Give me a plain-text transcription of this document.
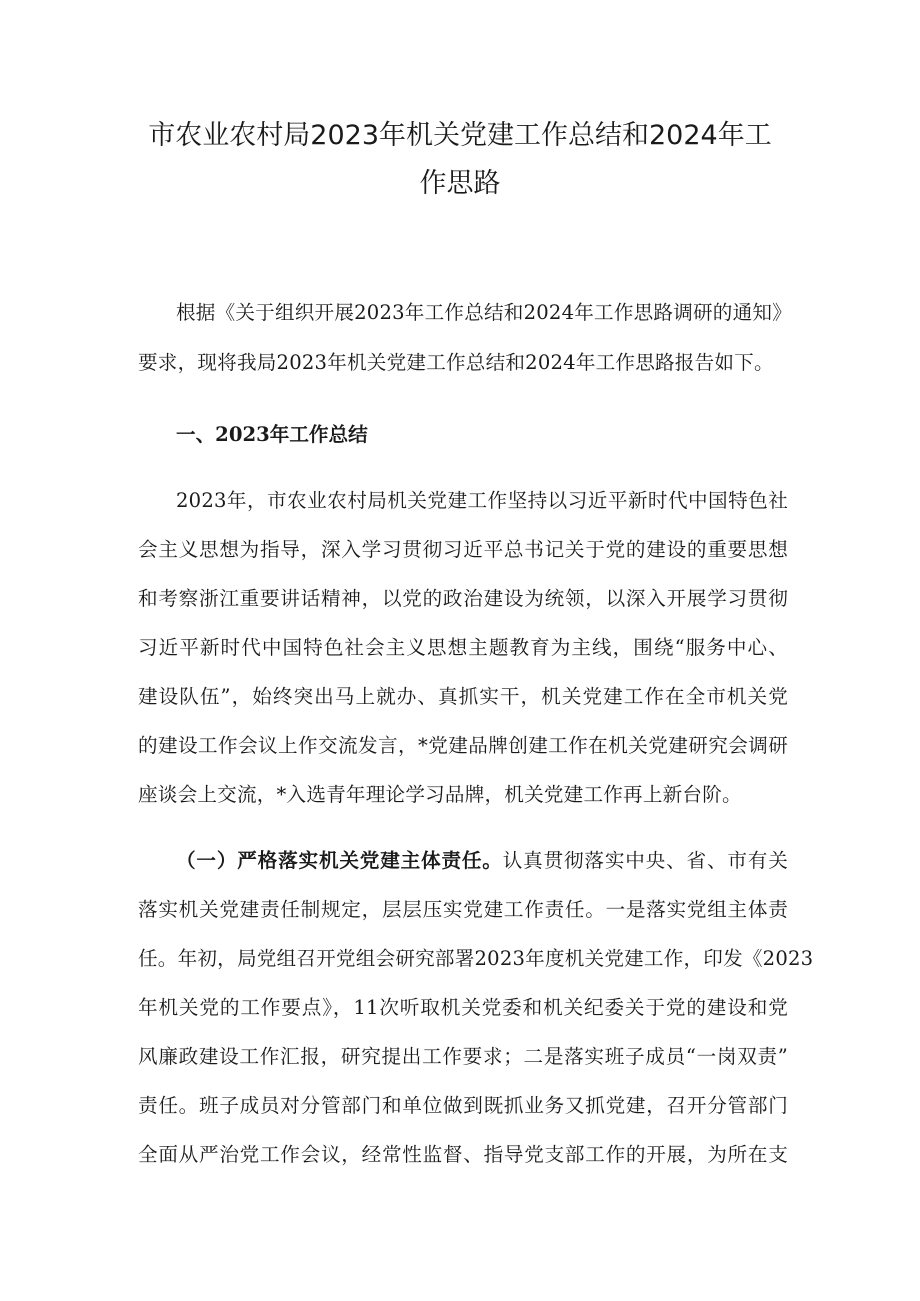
市农业农村局2023年机关党建工作总结和2024年工
作思路
根据《关于组织开展2023年工作总结和2024年工作思路调研的通知》
要求，现将我局2023年机关党建工作总结和2024年工作思路报告如下。
一、2023年工作总结
2023年，市农业农村局机关党建工作坚持以习近平新时代中国特色社
会主义思想为指导，深入学习贯彻习近平总书记关于党的建设的重要思想
和考察浙江重要讲话精神，以党的政治建设为统领，以深入开展学习贯彻
习近平新时代中国特色社会主义思想主题教育为主线，围绕“服务中心、
建设队伍”，始终突出马上就办、真抓实干，机关党建工作在全市机关党
的建设工作会议上作交流发言，*党建品牌创建工作在机关党建研究会调研
座谈会上交流，*入选青年理论学习品牌，机关党建工作再上新台阶。
（一）严格落实机关党建主体责任。认真贯彻落实中央、省、市有关
落实机关党建责任制规定，层层压实党建工作责任。一是落实党组主体责
任。年初，局党组召开党组会研究部署2023年度机关党建工作，印发《2023
年机关党的工作要点》，11次听取机关党委和机关纪委关于党的建设和党
风廉政建设工作汇报，研究提出工作要求；二是落实班子成员“一岗双责”
责任。班子成员对分管部门和单位做到既抓业务又抓党建，召开分管部门
全面从严治党工作会议，经常性监督、指导党支部工作的开展，为所在支
